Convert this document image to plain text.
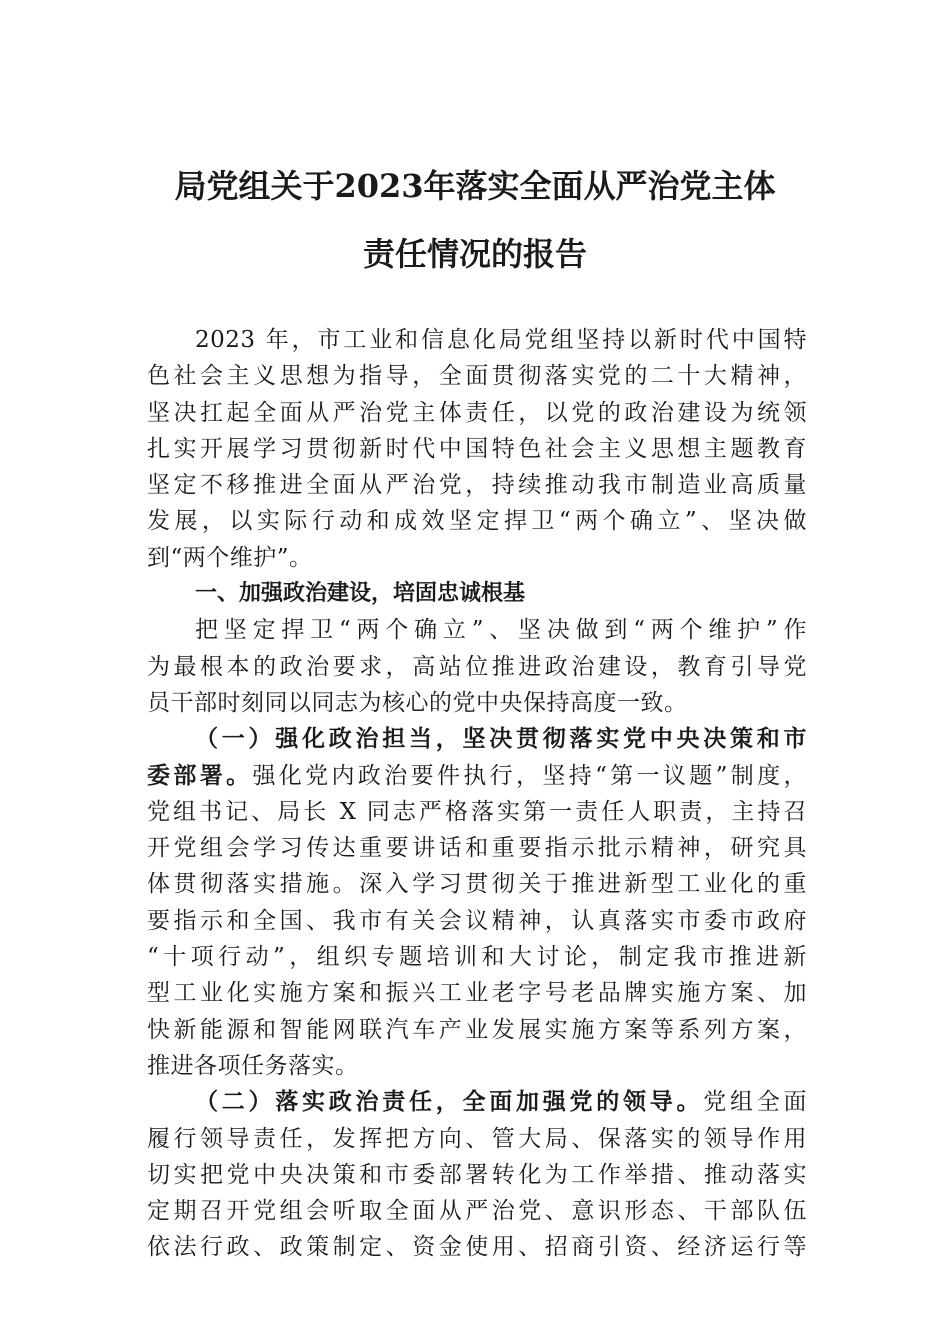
局党组关于2023年落实全面从严治党主体
责任情况的报告
2023 年，市工业和信息化局党组坚持以新时代中国特
色社会主义思想为指导，全面贯彻落实党的二十大精神，
坚决扛起全面从严治党主体责任，以党的政治建设为统领
扎实开展学习贯彻新时代中国特色社会主义思想主题教育
坚定不移推进全面从严治党，持续推动我市制造业高质量
发展，以实际行动和成效坚定捍卫“两个确立”、坚决做
到“两个维护”。
一、加强政治建设，培固忠诚根基
把坚定捍卫“两个确立”、坚决做到“两个维护”作
为最根本的政治要求，高站位推进政治建设，教育引导党
员干部时刻同以同志为核心的党中央保持高度一致。
（一）强化政治担当，坚决贯彻落实党中央决策和市
委部署。强化党内政治要件执行，坚持“第一议题”制度，
党组书记、局长 X 同志严格落实第一责任人职责，主持召
开党组会学习传达重要讲话和重要指示批示精神，研究具
体贯彻落实措施。深入学习贯彻关于推进新型工业化的重
要指示和全国、我市有关会议精神，认真落实市委市政府
“十项行动”，组织专题培训和大讨论，制定我市推进新
型工业化实施方案和振兴工业老字号老品牌实施方案、加
快新能源和智能网联汽车产业发展实施方案等系列方案，
推进各项任务落实。
（二）落实政治责任，全面加强党的领导。党组全面
履行领导责任，发挥把方向、管大局、保落实的领导作用
切实把党中央决策和市委部署转化为工作举措、推动落实
定期召开党组会听取全面从严治党、意识形态、干部队伍
依法行政、政策制定、资金使用、招商引资、经济运行等
